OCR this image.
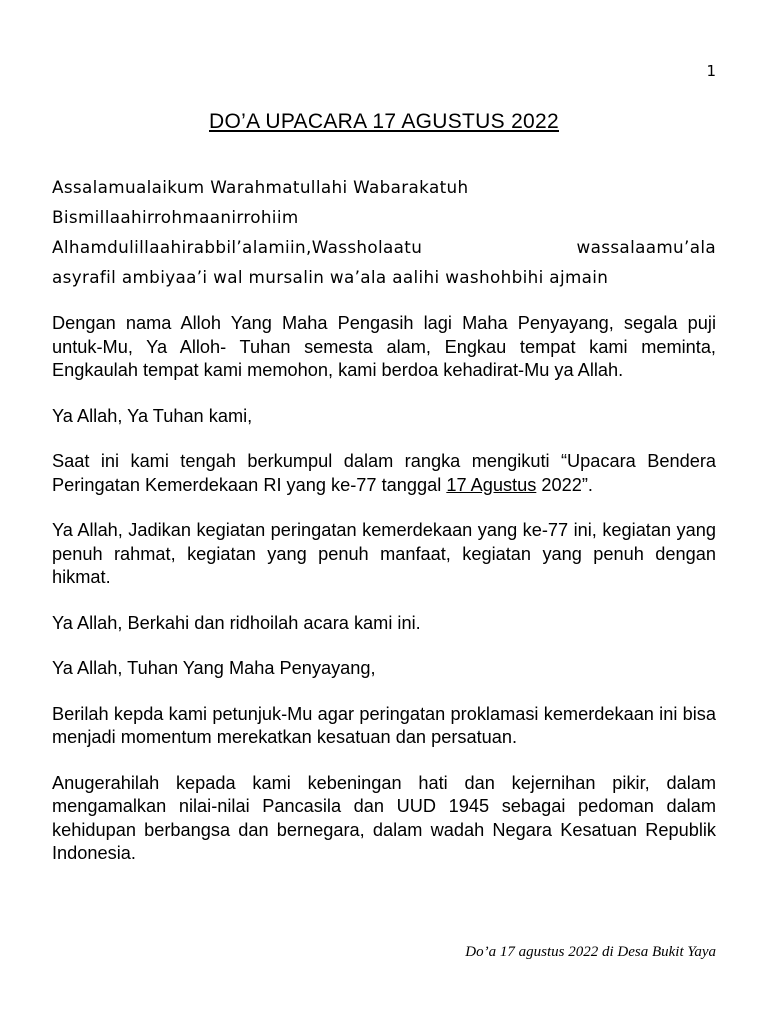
1
DO’A UPACARA 17 AGUSTUS 2022

Assalamualaikum Warahmatullahi Wabarakatuh

Bismillaahirrohmaanirrohiim

Alhamdulillaahirabbil’alamiin,Wassholaatu wassalaamu’ala

asyrafil ambiyaa’i wal mursalin wa’ala aalihi washohbihi ajmain

Dengan nama Alloh Yang Maha Pengasih lagi Maha Penyayang, segala puji untuk-Mu, Ya Alloh- Tuhan semesta alam, Engkau tempat kami meminta, Engkaulah tempat kami memohon, kami berdoa kehadirat-Mu ya Allah.

Ya Allah, Ya Tuhan kami,

Saat ini kami tengah berkumpul dalam rangka mengikuti “Upacara Bendera Peringatan Kemerdekaan RI yang ke-77 tanggal 17 Agustus 2022”.

Ya Allah, Jadikan kegiatan peringatan kemerdekaan yang ke-77 ini, kegiatan yang penuh rahmat, kegiatan yang penuh manfaat, kegiatan yang penuh dengan hikmat.

Ya Allah, Berkahi dan ridhoilah acara kami ini.

Ya Allah, Tuhan Yang Maha Penyayang,

Berilah kepda kami petunjuk-Mu agar peringatan proklamasi kemerdekaan ini bisa menjadi momentum merekatkan kesatuan dan persatuan.

Anugerahilah kepada kami kebeningan hati dan kejernihan pikir, dalam mengamalkan nilai-nilai Pancasila dan UUD 1945 sebagai pedoman dalam kehidupan berbangsa dan bernegara, dalam wadah Negara Kesatuan Republik Indonesia.

Do’a 17 agustus 2022 di Desa Bukit Yaya
